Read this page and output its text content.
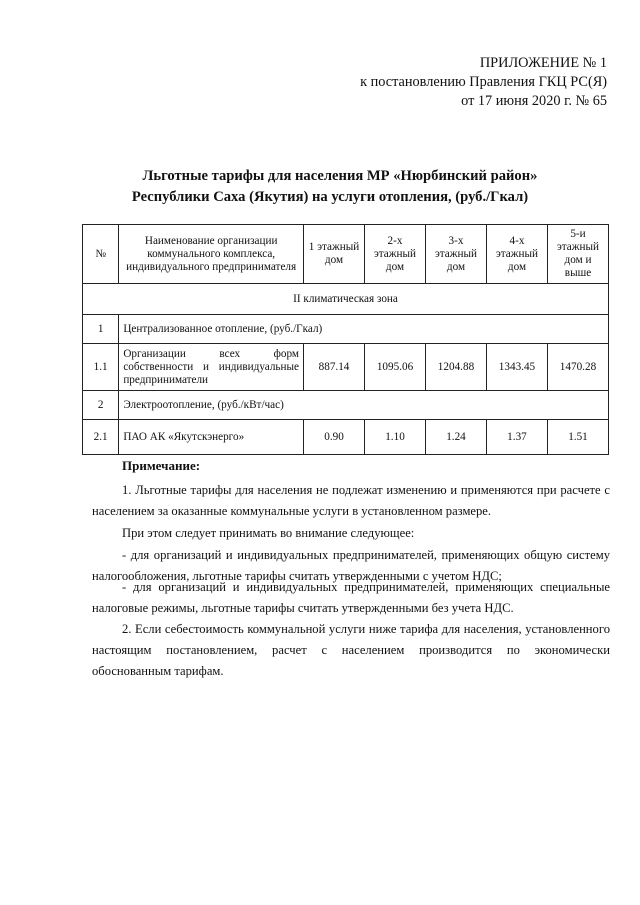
ПРИЛОЖЕНИЕ № 1
к постановлению Правления ГКЦ РС(Я)
от 17 июня 2020 г. № 65
Льготные тарифы для населения МР «Нюрбинский район»
Республики Саха (Якутия) на услуги отопления, (руб./Гкал)
№	Наименование организации коммунального комплекса, индивидуального предпринимателя	1 этажный дом	2-х этажный дом	3-х этажный дом	4-х этажный дом	5-и этажный дом и выше
II климатическая зона						
1	Централизованное отопление, (руб./Гкал)					
1.1	Организации всех форм собственности и индивидуальные предприниматели	887.14	1095.06	1204.88	1343.45	1470.28
2	Электроотопление, (руб./кВт/час)					
2.1	ПАО АК «Якутскэнерго»	0.90	1.10	1.24	1.37	1.51
Примечание:
1. Льготные тарифы для населения не подлежат изменению и применяются при расчете с населением за оказанные коммунальные услуги в установленном размере.
При этом следует принимать во внимание следующее:
- для организаций и индивидуальных предпринимателей, применяющих общую систему налогообложения, льготные тарифы считать утвержденными с учетом НДС;
- для организаций и индивидуальных предпринимателей, применяющих специальные налоговые режимы, льготные тарифы считать утвержденными без учета НДС.
2. Если себестоимость коммунальной услуги ниже тарифа для населения, установленного настоящим постановлением, расчет с населением производится по экономически обоснованным тарифам.
